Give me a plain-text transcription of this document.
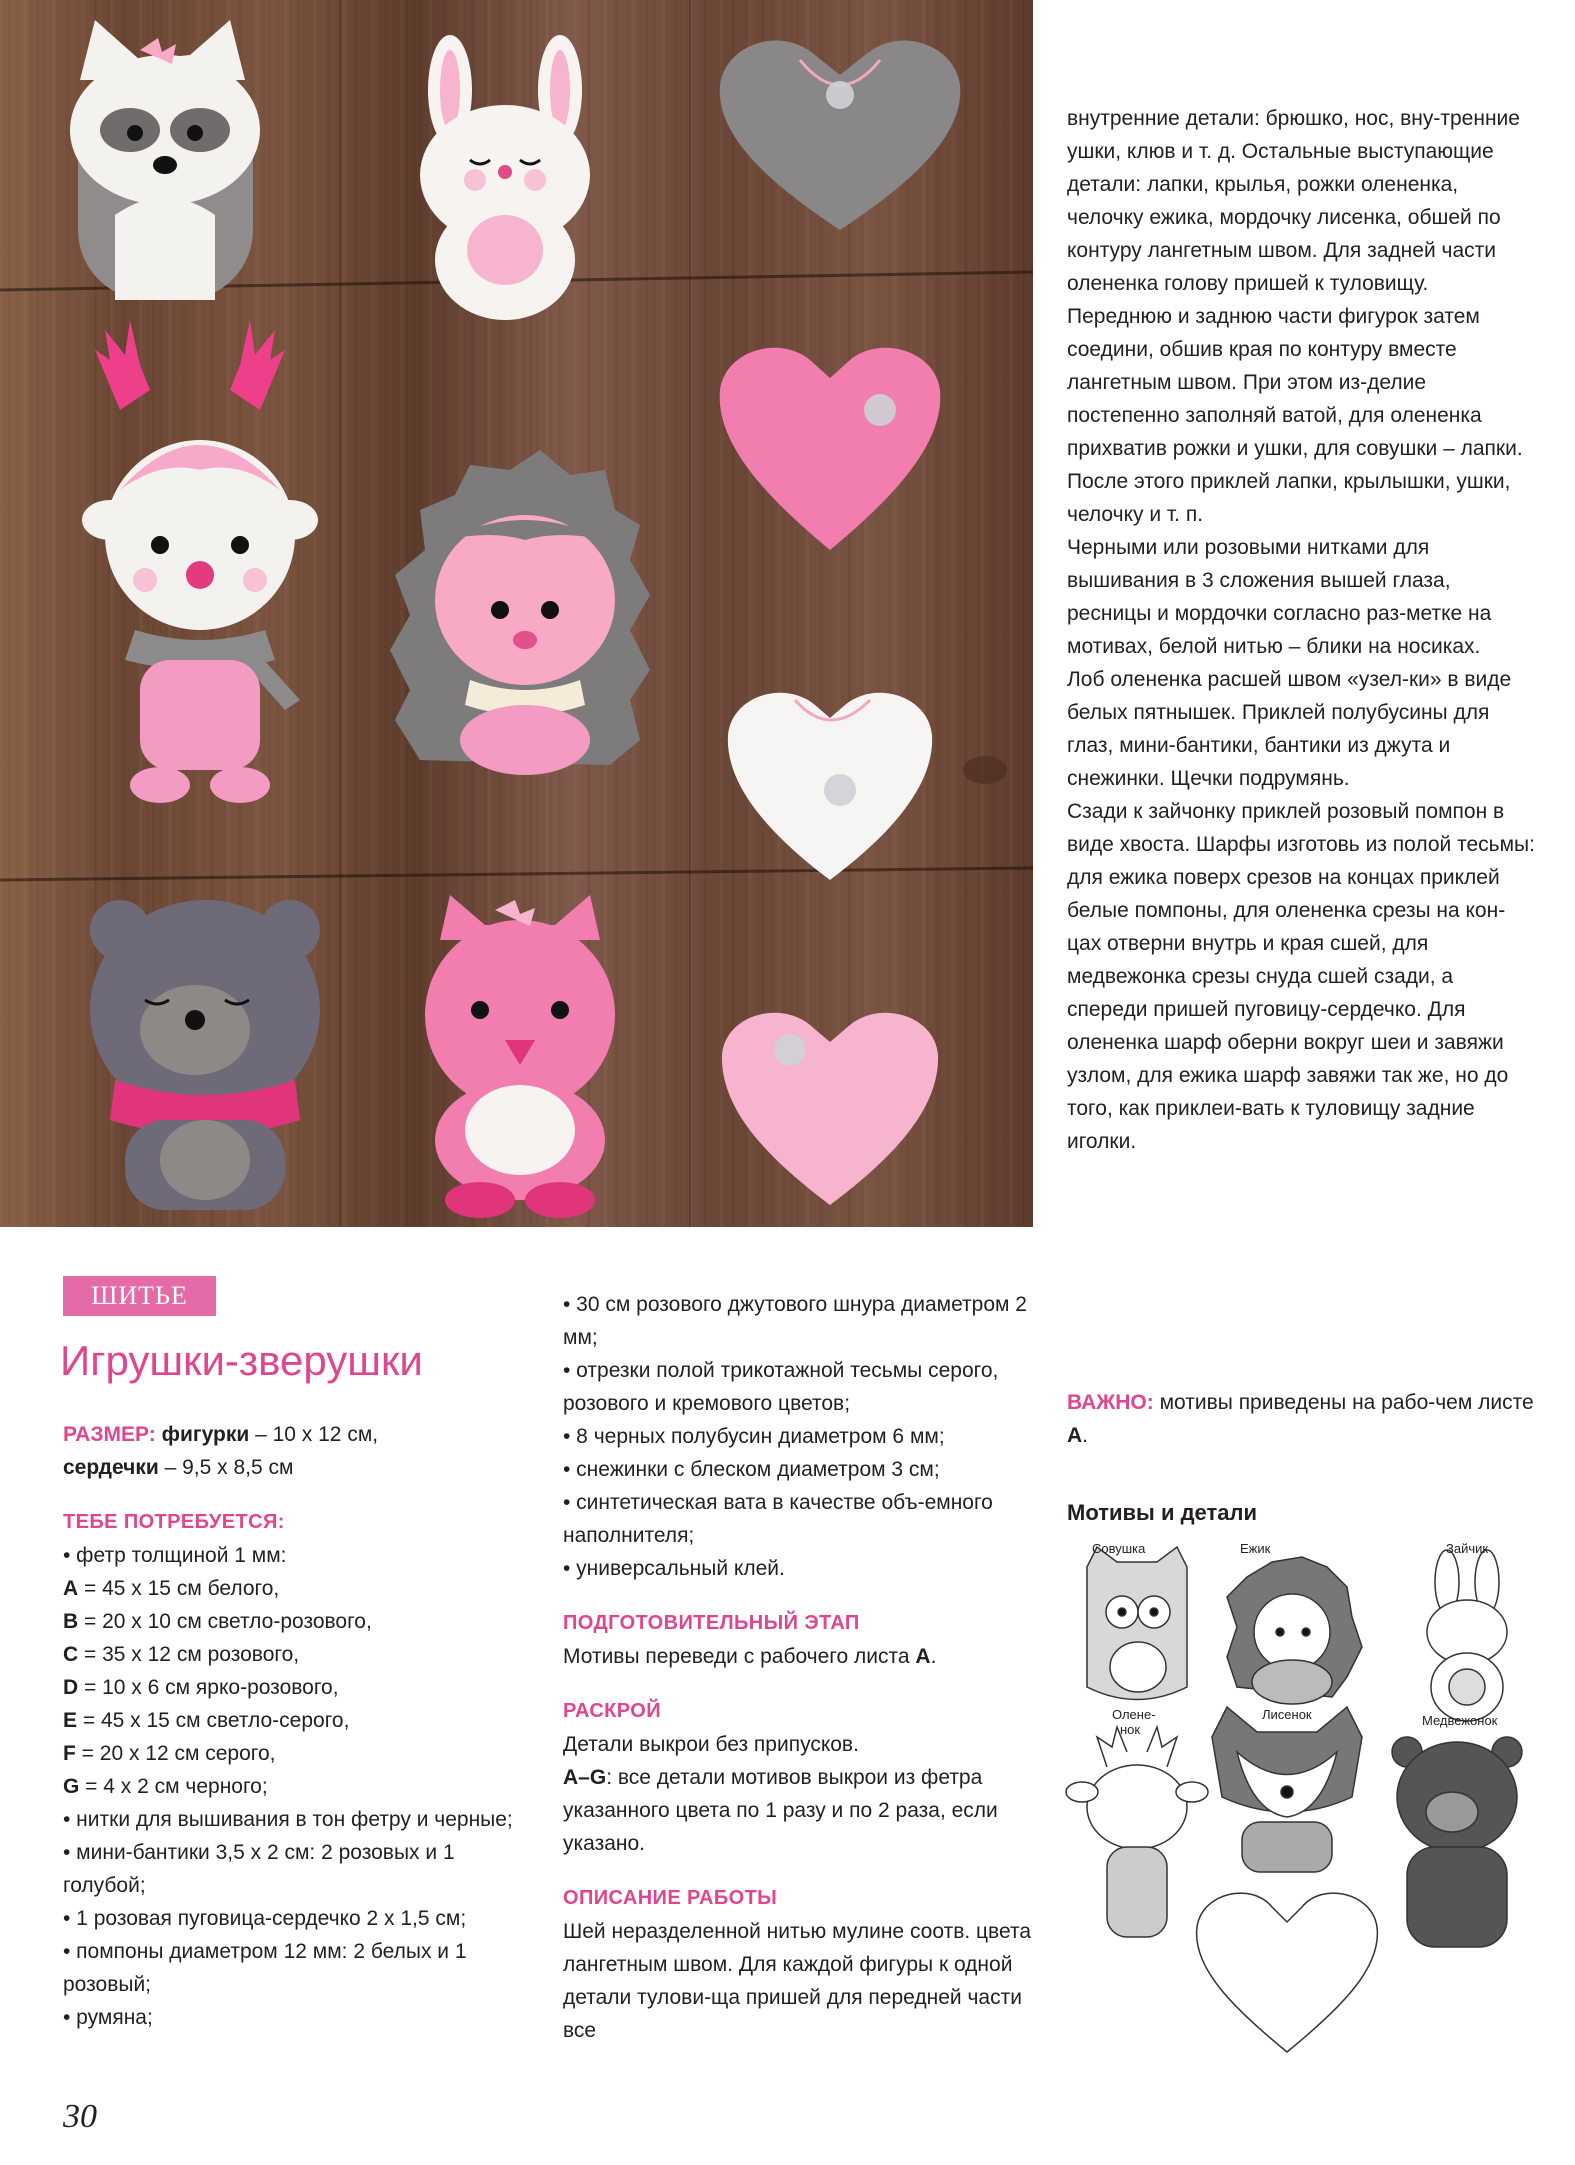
внутренние детали: брюшко, нос, вну-тренние ушки, клюв и т. д. Остальные выступающие детали: лапки, крылья, рожки олененка, челочку ежика, мордочку лисенка, обшей по контуру лангетным швом. Для задней части олененка голову пришей к туловищу.

Переднюю и заднюю части фигурок затем соедини, обшив края по контуру вместе лангетным швом. При этом из-делие постепенно заполняй ватой, для олененка прихватив рожки и ушки, для совушки – лапки.

После этого приклей лапки, крылышки, ушки, челочку и т. п.

Черными или розовыми нитками для вышивания в 3 сложения вышей глаза, ресницы и мордочки согласно раз-метке на мотивах, белой нитью – блики на носиках.

Лоб олененка расшей швом «узел-ки» в виде белых пятнышек. Приклей полубусины для глаз, мини-бантики, бантики из джута и снежинки. Щечки подрумянь.

Сзади к зайчонку приклей розовый помпон в виде хвоста. Шарфы изготовь из полой тесьмы: для ежика поверх срезов на концах приклей белые помпоны, для олененка срезы на кон-цах отверни внутрь и края сшей, для медвежонка срезы снуда сшей сзади, а спереди пришей пуговицу-сердечко. Для олененка шарф оберни вокруг шеи и завяжи узлом, для ежика шарф завяжи так же, но до того, как приклеи-вать к туловищу задние иголки.

ВАЖНО: мотивы приведены на рабо-чем листе A.
ШИТЬЕ
Игрушки-зверушки

РАЗМЕР: фигурки – 10 x 12 см,

сердечки – 9,5 x 8,5 см

ТЕБЕ ПОТРЕБУЕТСЯ:

• фетр толщиной 1 мм:

A = 45 x 15 см белого,

B = 20 x 10 см светло-розового,

C = 35 x 12 см розового,

D = 10 x 6 см ярко-розового,

E = 45 x 15 см светло-серого,

F = 20 x 12 см серого,

G = 4 x 2 см черного;

• нитки для вышивания в тон фетру и черные;

• мини-бантики 3,5 x 2 см: 2 розовых и 1 голубой;

• 1 розовая пуговица-сердечко 2 x 1,5 см;

• помпоны диаметром 12 мм: 2 белых и 1 розовый;

• румяна;

• 30 см розового джутового шнура диаметром 2 мм;

• отрезки полой трикотажной тесьмы серого, розового и кремового цветов;

• 8 черных полубусин диаметром 6 мм;

• снежинки с блеском диаметром 3 см;

• синтетическая вата в качестве объ-емного наполнителя;

• универсальный клей.

ПОДГОТОВИТЕЛЬНЫЙ ЭТАП

Мотивы переведи с рабочего листа A.

РАСКРОЙ

Детали выкрои без припусков.

A–G: все детали мотивов выкрои из фетра указанного цвета по 1 разу и по 2 раза, если указано.

ОПИСАНИЕ РАБОТЫ

Шей неразделенной нитью мулине соотв. цвета лангетным швом. Для каждой фигуры к одной детали тулови-ща пришей для передней части все

Мотивы и детали
Совушка	Ежик	Зайчик
Олене-
нок
Лисенок	Медвежонок
30
